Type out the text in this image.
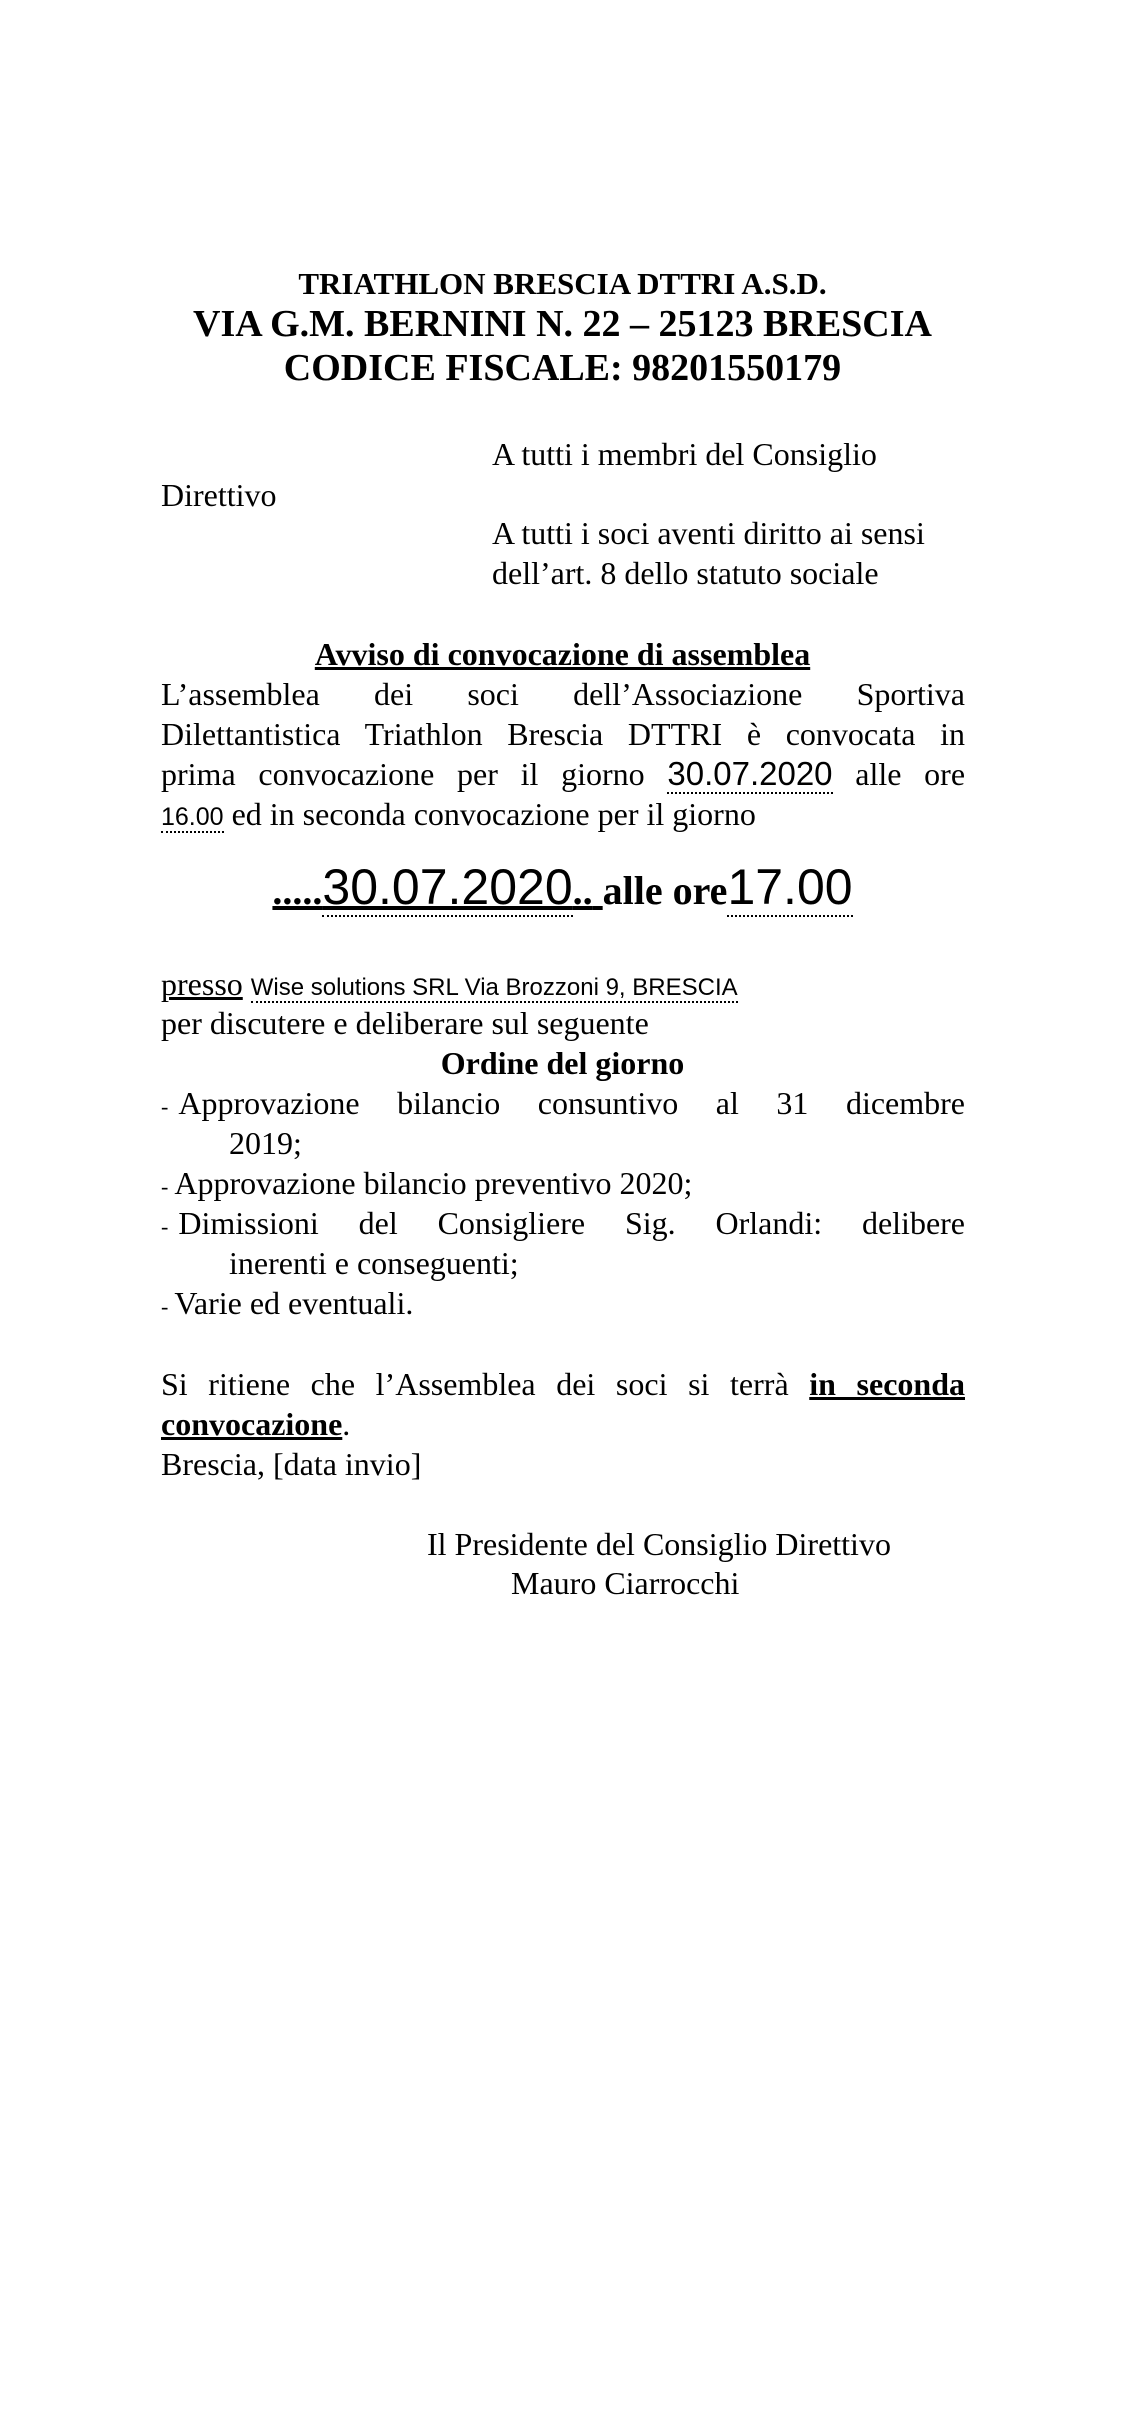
TRIATHLON BRESCIA DTTRI A.S.D.
VIA G.M. BERNINI N. 22 – 25123 BRESCIA
CODICE FISCALE: 98201550179
A tutti i membri del Consiglio
Direttivo
A tutti i soci aventi diritto ai sensi
dell’art. 8 dello statuto sociale
Avviso di convocazione di assemblea
L’assemblea dei soci dell’Associazione Sportiva
Dilettantistica Triathlon Brescia DTTRI è convocata in
prima convocazione per il giorno 30.07.2020 alle ore
16.00 ed in seconda convocazione per il giorno
.....30.07.2020.. alle ore17.00
presso Wise solutions SRL Via Brozzoni 9, BRESCIA
per discutere e deliberare sul seguente
Ordine del giorno
- Approvazione bilancio consuntivo al 31 dicembre
2019;
- Approvazione bilancio preventivo 2020;
- Dimissioni del Consigliere Sig. Orlandi: delibere
inerenti e conseguenti;
- Varie ed eventuali.
Si ritiene che l’Assemblea dei soci si terrà in seconda
convocazione.
Brescia, [data invio]
Il Presidente del Consiglio Direttivo
Mauro Ciarrocchi
